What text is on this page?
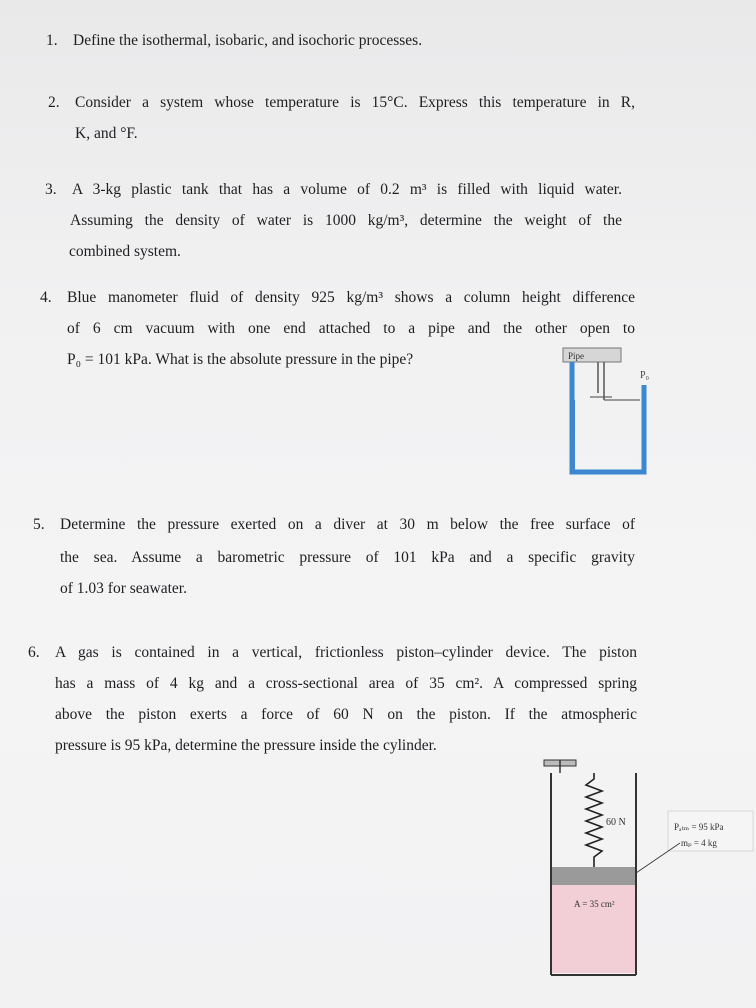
1. Define the isothermal, isobaric, and isochoric processes.
2. Consider a system whose temperature is 15°C. Express this temperature in R,
K, and °F.
3. A 3-kg plastic tank that has a volume of 0.2 m³ is filled with liquid water.
Assuming the density of water is 1000 kg/m³, determine the weight of the
combined system.
4. Blue manometer fluid of density 925 kg/m³ shows a column height difference
of 6 cm vacuum with one end attached to a pipe and the other open to
P₀ = 101 kPa. What is the absolute pressure in the pipe?	Pipe
P₀
5. Determine the pressure exerted on a diver at 30 m below the free surface of
the sea. Assume a barometric pressure of 101 kPa and a specific gravity
of 1.03 for seawater.
6. A gas is contained in a vertical, frictionless piston–cylinder device. The piston
has a mass of 4 kg and a cross-sectional area of 35 cm². A compressed spring
above the piston exerts a force of 60 N on the piston. If the atmospheric
pressure is 95 kPa, determine the pressure inside the cylinder.
60 N
A = 35 cm²
Pₐₜₘ = 95 kPa
mₚ = 4 kg
